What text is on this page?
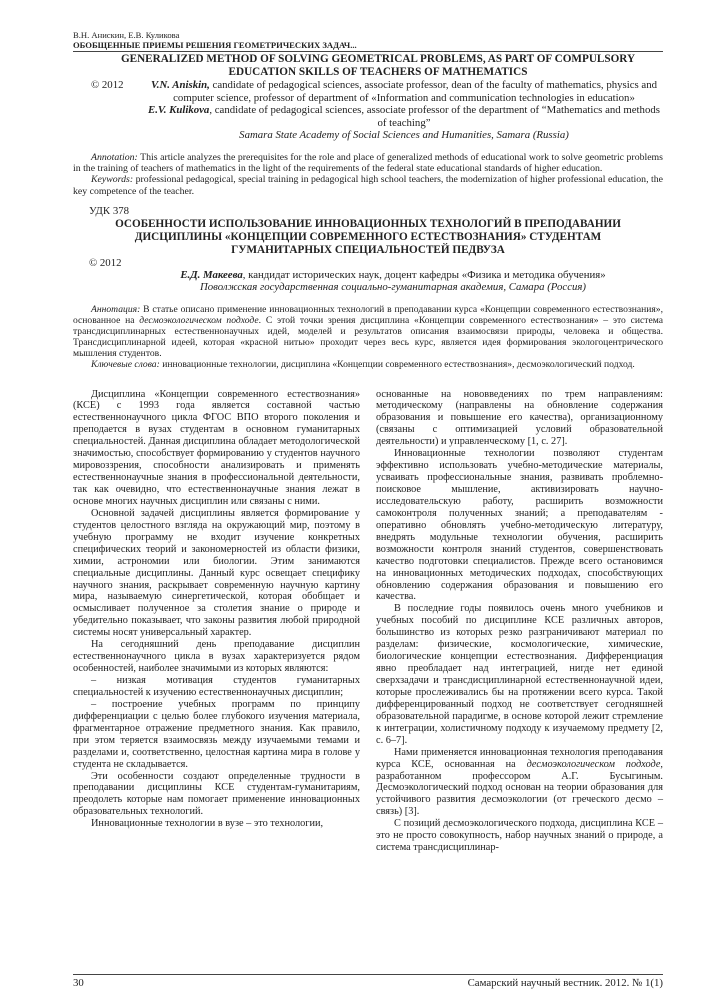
В.Н. Анискин, Е.В. Куликова
ОБОБЩЕННЫЕ ПРИЕМЫ РЕШЕНИЯ ГЕОМЕТРИЧЕСКИХ ЗАДАЧ...
GENERALIZED METHOD OF SOLVING GEOMETRICAL PROBLEMS, AS PART OF COMPULSORY EDUCATION SKILLS OF TEACHERS OF MATHEMATICS
© 2012	V.N. Aniskin, candidate of pedagogical sciences, associate professor, dean of the faculty of mathematics, physics and computer science, professor of department of «Information and communication technologies in education»
E.V. Kulikova, candidate of pedagogical sciences, associate professor of the department of “Mathematics and methods of teaching”
Samara State Academy of Social Sciences and Humanities, Samara (Russia)
Annotation: This article analyzes the prerequisites for the role and place of generalized methods of educational work to solve geometric problems in the training of teachers of mathematics in the light of the requirements of the federal state educational standards of higher education.
Keywords: professional pedagogical, special training in pedagogical high school teachers, the modernization of higher professional education, the key competence of the teacher.
УДК 378
ОСОБЕННОСТИ ИСПОЛЬЗОВАНИЕ ИННОВАЦИОННЫХ ТЕХНОЛОГИЙ В ПРЕПОДАВАНИИ ДИСЦИПЛИНЫ «КОНЦЕПЦИИ СОВРЕМЕННОГО ЕСТЕСТВОЗНАНИЯ» СТУДЕНТАМ ГУМАНИТАРНЫХ СПЕЦИАЛЬНОСТЕЙ ПЕДВУЗА
© 2012
Е.Д. Макеева, кандидат исторических наук, доцент кафедры «Физика и методика обучения»
Поволжская государственная социально-гуманитарная академия, Самара (Россия)
Аннотация: В статье описано применение инновационных технологий в преподавании курса «Концепции современного естествознания», основанное на десмоэкологическом подходе. С этой точки зрения дисциплина «Концепции современного естествознания» – это система трансдисциплинарных естественнонаучных идей, моделей и результатов описания взаимосвязи природы, человека и общества. Трансдисциплинарной идеей, которая «красной нитью» проходит через весь курс, является идея формирования экологоцентрического мышления студентов.
Ключевые слова: инновационные технологии, дисциплина «Концепции современного естествознания», десмоэкологический подход.
Дисциплина «Концепции современного естествознания» (КСЕ) с 1993 года является составной частью естественнонаучного цикла ФГОС ВПО второго поколения и преподается в вузах студентам в основном гуманитарных специальностей. Данная дисциплина обладает методологической значимостью, способствует формированию у студентов научного мировоззрения, способности анализировать и применять естественнонаучные знания в профессиональной деятельности, так как очевидно, что естественнонаучные знания лежат в основе многих научных дисциплин или связаны с ними.
Основной задачей дисциплины является формирование у студентов целостного взгляда на окружающий мир, поэтому в учебную программу не входит изучение конкретных специфических теорий и закономерностей из области физики, химии, астрономии или биологии. Этим занимаются специальные дисциплины. Данный курс освещает специфику научного знания, раскрывает современную научную картину мира, называемую синергетической, которая обобщает и осмысливает полученное за столетия знание о природе и убедительно показывает, что законы развития любой природной системы носят универсальный характер.
На сегодняшний день преподавание дисциплин естественнонаучного цикла в вузах характеризуется рядом особенностей, наиболее значимыми из которых являются:
– низкая мотивация студентов гуманитарных специальностей к изучению естественнонаучных дисциплин;
– построение учебных программ по принципу дифференциации с целью более глубокого изучения материала, фрагментарное отражение предметного знания. Как правило, при этом теряется взаимосвязь между изучаемыми темами и разделами и, соответственно, целостная картина мира в голове у студента не складывается.
Эти особенности создают определенные трудности в преподавании дисциплины КСЕ студентам-гуманитариям, преодолеть которые нам помогает применение инновационных образовательных технологий.
Инновационные технологии в вузе – это технологии,
основанные на нововведениях по трем направлениям: методическому (направлены на обновление содержания образования и повышение его качества), организационному (связаны с оптимизацией условий образовательной деятельности) и управленческому [1, с. 27].
Инновационные технологии позволяют студентам эффективно использовать учебно-методические материалы, усваивать профессиональные знания, развивать проблемно-поисковое мышление, активизировать научно-исследовательскую работу, расширить возможности самоконтроля полученных знаний; а преподавателям - оперативно обновлять учебно-методическую литературу, внедрять модульные технологии обучения, расширить возможности контроля знаний студентов, совершенствовать качество подготовки специалистов. Прежде всего остановимся на инновационных методических подходах, способствующих обновлению содержания образования и повышению его качества.
В последние годы появилось очень много учебников и учебных пособий по дисциплине КСЕ различных авторов, большинство из которых резко разграничивают материал по разделам: физические, космологические, химические, биологические концепции естествознания. Дифференциация явно преобладает над интеграцией, нигде нет единой сверхзадачи и трансдисциплинарной естественнонаучной идеи, которые прослеживались бы на протяжении всего курса. Такой дифференцированный подход не соответствует сегодняшней образовательной парадигме, в основе которой лежит стремление к интеграции, холистичному подходу к изучаемому предмету [2, с. 6–7].
Нами применяется инновационная технология преподавания курса КСЕ, основанная на десмоэкологическом подходе, разработанном профессором А.Г. Бусыгиным. Десмоэкологический подход основан на теории образования для устойчивого развития десмоэкологии (от греческого десмо – связь) [3].
С позиций десмоэкологического подхода, дисциплина КСЕ – это не просто совокупность, набор научных знаний о природе, а система трансдисциплинар-
30	Самарский научный вестник. 2012. № 1(1)
